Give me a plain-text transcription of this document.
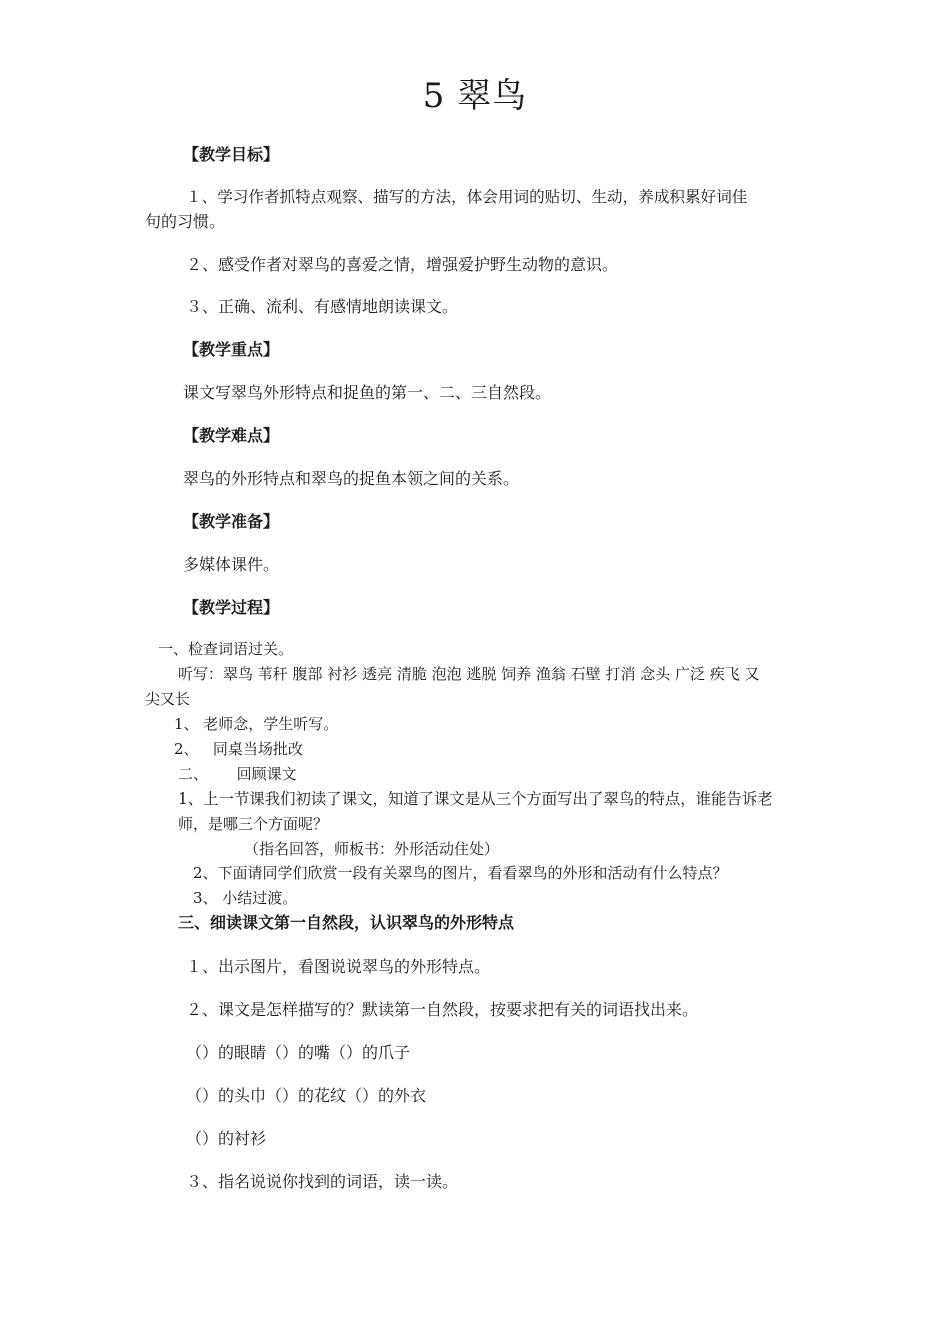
5 翠鸟
【教学目标】
１、学习作者抓特点观察、描写的方法，体会用词的贴切、生动，养成积累好词佳
句的习惯。
２、感受作者对翠鸟的喜爱之情，增强爱护野生动物的意识。
３、正确、流利、有感情地朗读课文。
【教学重点】
课文写翠鸟外形特点和捉鱼的第一、二、三自然段。
【教学难点】
翠鸟的外形特点和翠鸟的捉鱼本领之间的关系。
【教学准备】
多媒体课件。
【教学过程】
一、检查词语过关。
听写：翠鸟 苇秆 腹部 衬衫 透亮 清脆 泡泡 逃脱 饲养 渔翁 石壁 打消 念头 广泛 疾飞 又
尖又长
1、 老师念，学生听写。
2、   同桌当场批改
二、      回顾课文
1、上一节课我们初读了课文，知道了课文是从三个方面写出了翠鸟的特点，谁能告诉老
师，是哪三个方面呢？
（指名回答，师板书：外形活动住处）
2、下面请同学们欣赏一段有关翠鸟的图片，看看翠鸟的外形和活动有什么特点？
3、 小结过渡。
三、细读课文第一自然段，认识翠鸟的外形特点
１、出示图片，看图说说翠鸟的外形特点。
２、课文是怎样描写的？默读第一自然段，按要求把有关的词语找出来。
（）的眼睛（）的嘴（）的爪子
（）的头巾（）的花纹（）的外衣
（）的衬衫
３、指名说说你找到的词语，读一读。
